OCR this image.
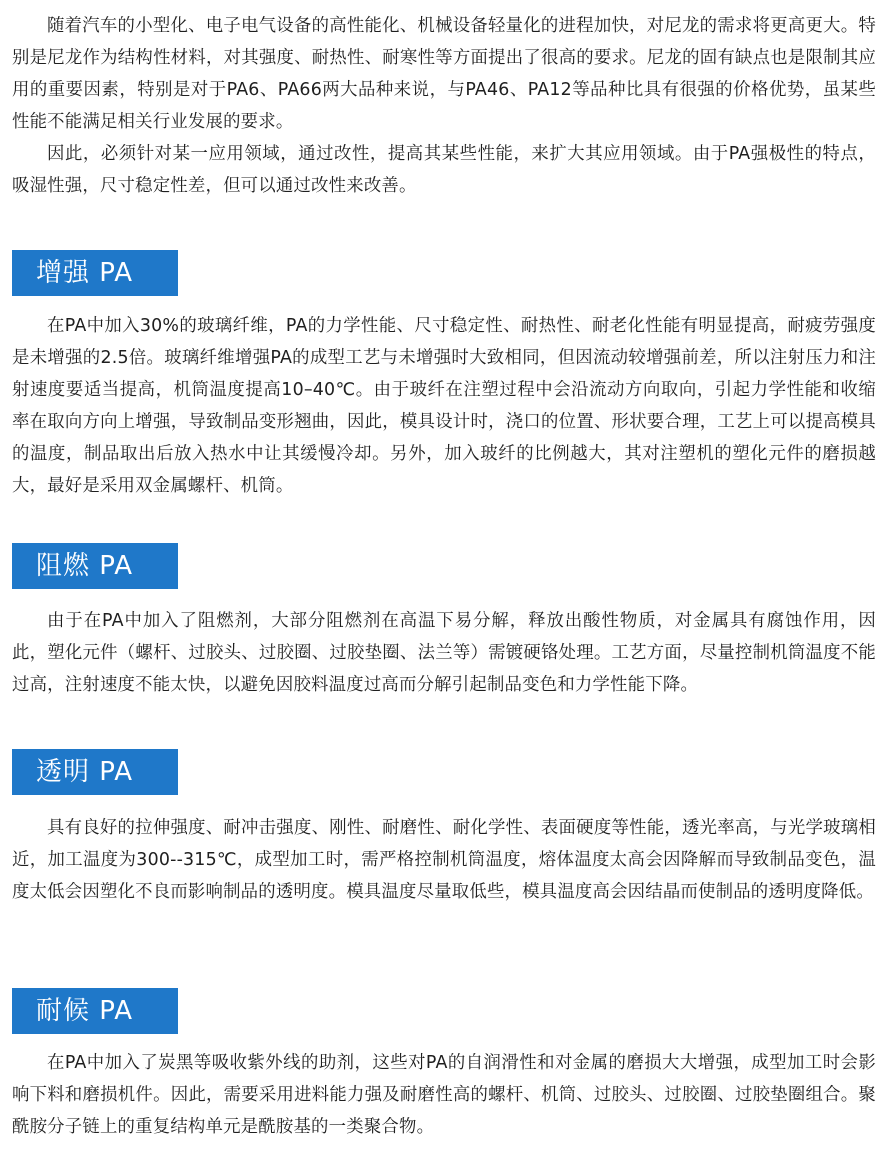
随着汽车的小型化、电子电气设备的高性能化、机械设备轻量化的进程加快，对尼龙的需求将更高更大。特别是尼龙作为结构性材料，对其强度、耐热性、耐寒性等方面提出了很高的要求。尼龙的固有缺点也是限制其应用的重要因素，特别是对于PA6、PA66两大品种来说，与PA46、PA12等品种比具有很强的价格优势，虽某些性能不能满足相关行业发展的要求。

因此，必须针对某一应用领域，通过改性，提高其某些性能，来扩大其应用领域。由于PA强极性的特点，吸湿性强，尺寸稳定性差，但可以通过改性来改善。

增强 PA

在PA中加入30%的玻璃纤维，PA的力学性能、尺寸稳定性、耐热性、耐老化性能有明显提高，耐疲劳强度是未增强的2.5倍。玻璃纤维增强PA的成型工艺与未增强时大致相同，但因流动较增强前差，所以注射压力和注射速度要适当提高，机筒温度提高10–40℃。由于玻纤在注塑过程中会沿流动方向取向，引起力学性能和收缩率在取向方向上增强，导致制品变形翘曲，因此，模具设计时，浇口的位置、形状要合理，工艺上可以提高模具的温度，制品取出后放入热水中让其缓慢冷却。另外，加入玻纤的比例越大，其对注塑机的塑化元件的磨损越大，最好是采用双金属螺杆、机筒。

阻燃 PA

由于在PA中加入了阻燃剂，大部分阻燃剂在高温下易分解，释放出酸性物质，对金属具有腐蚀作用，因此，塑化元件（螺杆、过胶头、过胶圈、过胶垫圈、法兰等）需镀硬铬处理。工艺方面，尽量控制机筒温度不能过高，注射速度不能太快，以避免因胶料温度过高而分解引起制品变色和力学性能下降。

透明 PA

具有良好的拉伸强度、耐冲击强度、刚性、耐磨性、耐化学性、表面硬度等性能，透光率高，与光学玻璃相近，加工温度为300--315℃，成型加工时，需严格控制机筒温度，熔体温度太高会因降解而导致制品变色，温度太低会因塑化不良而影响制品的透明度。模具温度尽量取低些，模具温度高会因结晶而使制品的透明度降低。

耐候 PA

在PA中加入了炭黑等吸收紫外线的助剂，这些对PA的自润滑性和对金属的磨损大大增强，成型加工时会影响下料和磨损机件。因此，需要采用进料能力强及耐磨性高的螺杆、机筒、过胶头、过胶圈、过胶垫圈组合。聚酰胺分子链上的重复结构单元是酰胺基的一类聚合物。
